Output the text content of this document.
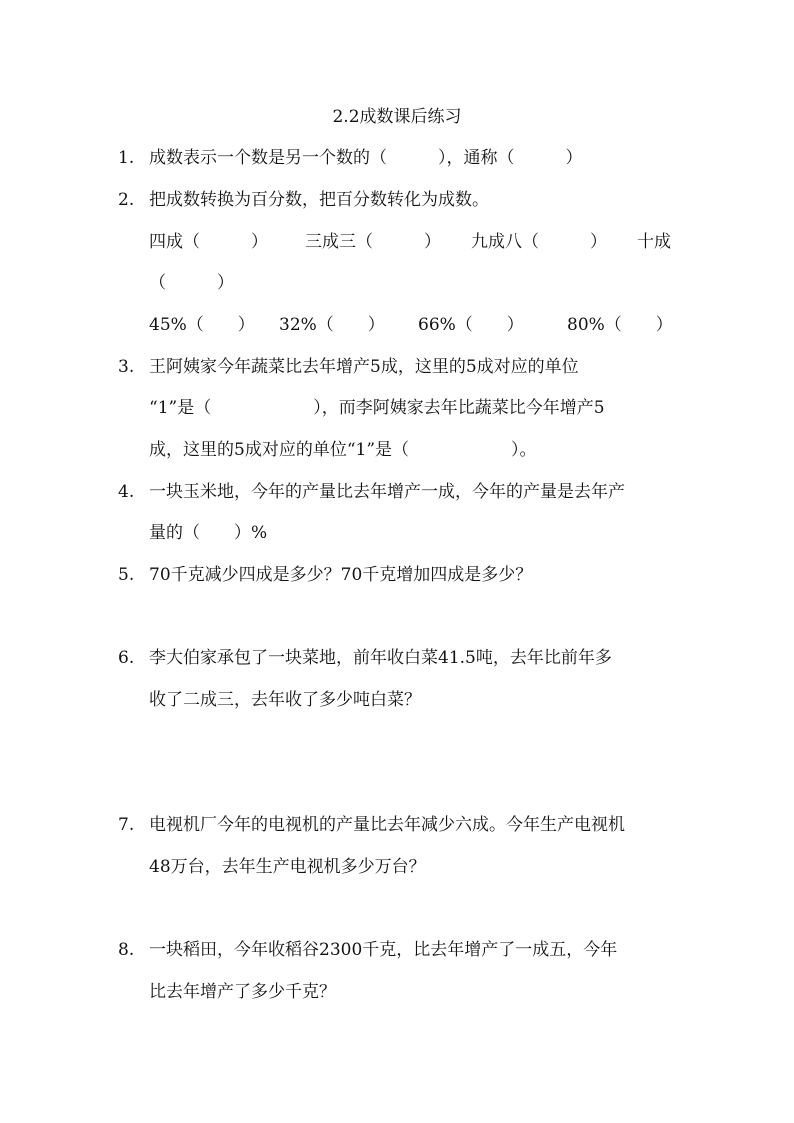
2.2成数课后练习
1. 成数表示一个数是另一个数的（　　　），通称（　　　）
2. 把成数转换为百分数，把百分数转化为成数。
四成（　　　） 三成三（　　　） 九成八（　　　） 十成
（　　　）
45%（　　） 32%（　　） 66%（　　）	80%（　　）
3. 王阿姨家今年蔬菜比去年增产5成，这里的5成对应的单位
“1”是（　　　　　　），而李阿姨家去年比蔬菜比今年增产5
成，这里的5成对应的单位“1”是（　　　　　　）。
4. 一块玉米地，今年的产量比去年增产一成，今年的产量是去年产
量的（　　）%
5. 70千克减少四成是多少？70千克增加四成是多少？
6. 李大伯家承包了一块菜地，前年收白菜41.5吨，去年比前年多
收了二成三，去年收了多少吨白菜？
7. 电视机厂今年的电视机的产量比去年减少六成。今年生产电视机
48万台，去年生产电视机多少万台？
8. 一块稻田，今年收稻谷2300千克，比去年增产了一成五，今年
比去年增产了多少千克？
